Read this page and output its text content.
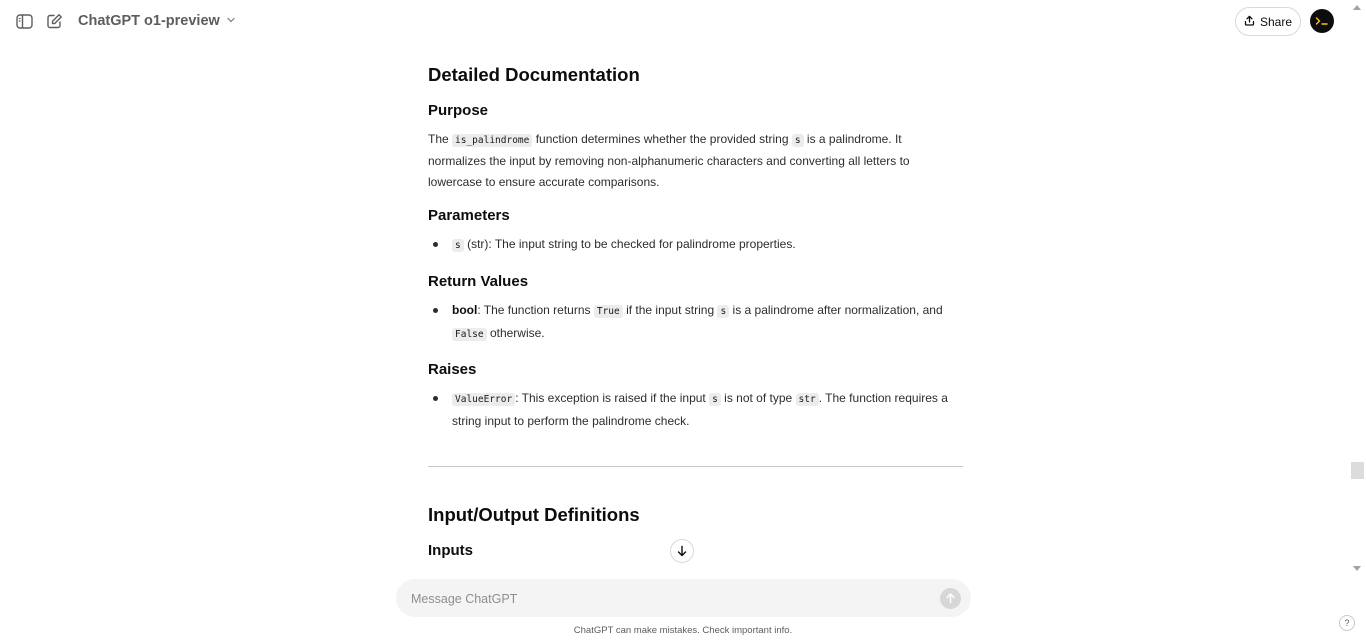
ChatGPT o1-preview	Share
Detailed Documentation
Purpose
The is_palindrome function determines whether the provided string s is a palindrome. It normalizes the input by removing non-alphanumeric characters and converting all letters to lowercase to ensure accurate comparisons.
Parameters
s (str): The input string to be checked for palindrome properties.
Return Values
bool: The function returns True if the input string s is a palindrome after normalization, and False otherwise.
Raises
ValueError : This exception is raised if the input s is not of type str . The function requires a string input to perform the palindrome check.
Input/Output Definitions
Inputs
Message ChatGPT
ChatGPT can make mistakes. Check important info.
?
